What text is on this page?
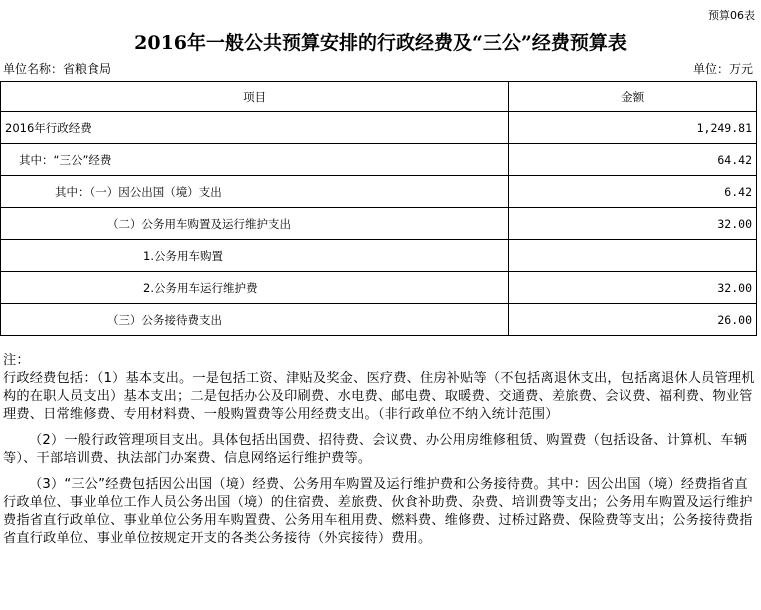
预算06表
2016年一般公共预算安排的行政经费及“三公”经费预算表
单位名称：省粮食局	单位：万元
项目	金额
2016年行政经费	1,249.81
其中：“三公”经费	64.42
其中：（一）因公出国（境）支出	6.42
（二）公务用车购置及运行维护支出	32.00
1.公务用车购置	
2.公务用车运行维护费	32.00
（三）公务接待费支出	26.00

注：

行政经费包括：（1）基本支出。一是包括工资、津贴及奖金、医疗费、住房补贴等（不包括离退休支出，包括离退休人员管理机构的在职人员支出）基本支出；二是包括办公及印刷费、水电费、邮电费、取暖费、交通费、差旅费、会议费、福利费、物业管理费、日常维修费、专用材料费、一般购置费等公用经费支出。（非行政单位不纳入统计范围）

（2）一般行政管理项目支出。具体包括出国费、招待费、会议费、办公用房维修租赁、购置费（包括设备、计算机、车辆等）、干部培训费、执法部门办案费、信息网络运行维护费等。

（3）“三公”经费包括因公出国（境）经费、公务用车购置及运行维护费和公务接待费。其中：因公出国（境）经费指省直行政单位、事业单位工作人员公务出国（境）的住宿费、差旅费、伙食补助费、杂费、培训费等支出；公务用车购置及运行维护费指省直行政单位、事业单位公务用车购置费、公务用车租用费、燃料费、维修费、过桥过路费、保险费等支出；公务接待费指省直行政单位、事业单位按规定开支的各类公务接待（外宾接待）费用。
